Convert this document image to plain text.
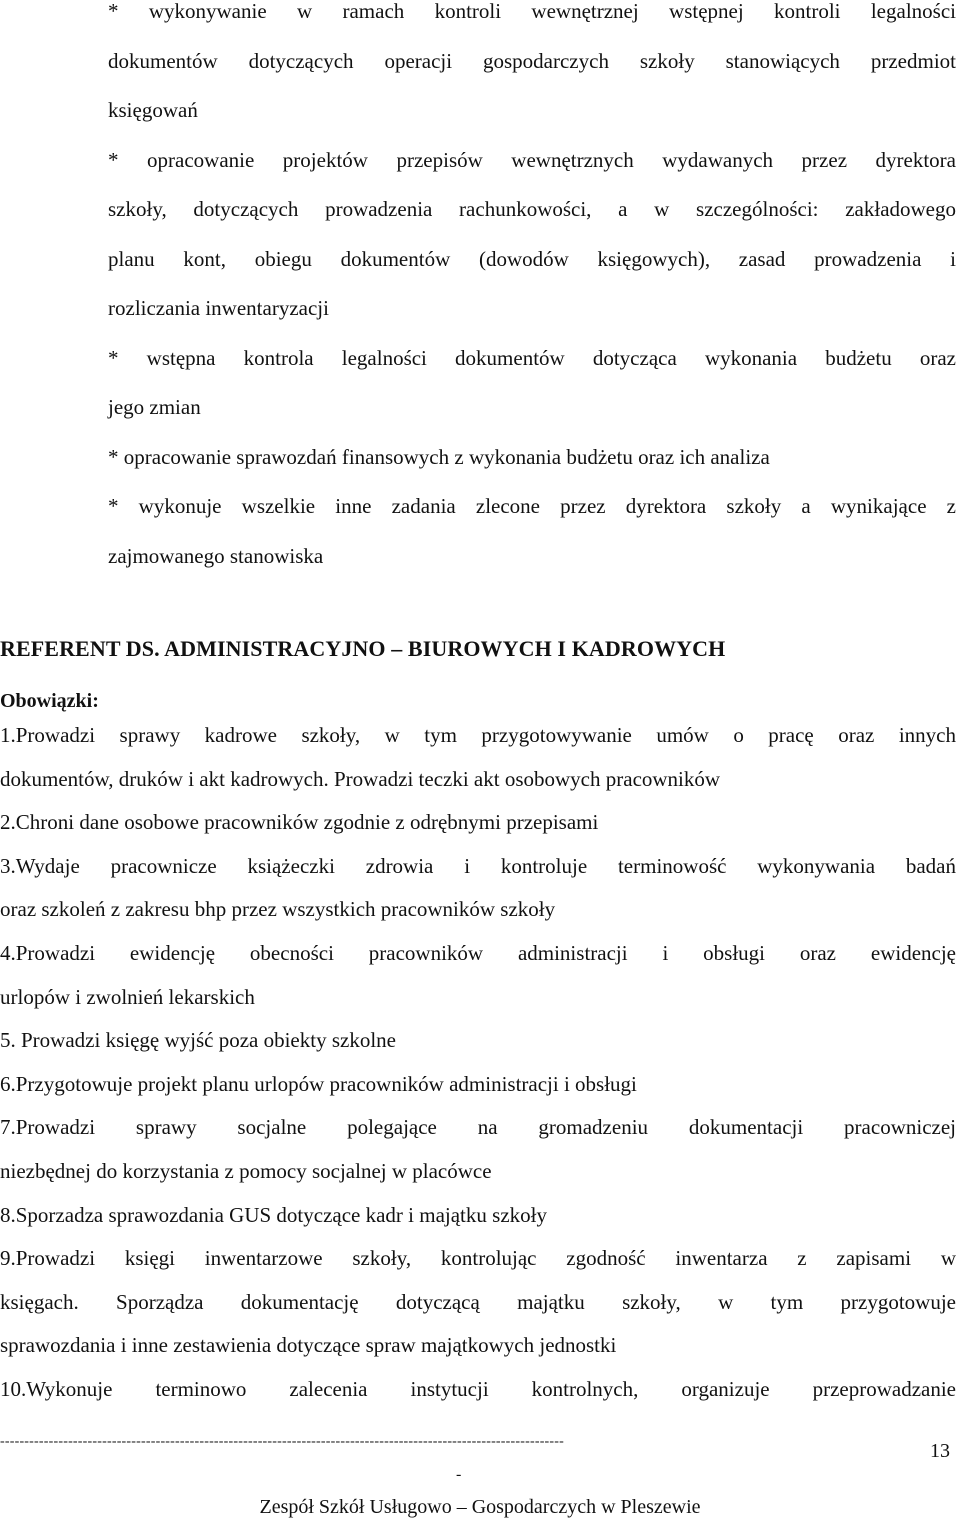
* wykonywanie w ramach kontroli wewnętrznej wstępnej kontroli legalności
dokumentów dotyczących operacji gospodarczych szkoły stanowiących przedmiot
księgowań
* opracowanie projektów przepisów wewnętrznych wydawanych przez dyrektora
szkoły, dotyczących prowadzenia rachunkowości, a w szczególności: zakładowego
planu kont, obiegu dokumentów (dowodów księgowych), zasad prowadzenia i
rozliczania inwentaryzacji
* wstępna kontrola legalności dokumentów dotycząca wykonania budżetu oraz
jego zmian
* opracowanie sprawozdań finansowych z wykonania budżetu oraz ich analiza
* wykonuje wszelkie inne zadania zlecone przez dyrektora szkoły a wynikające z
zajmowanego stanowiska
REFERENT DS. ADMINISTRACYJNO – BIUROWYCH I KADROWYCH
Obowiązki:
1.Prowadzi sprawy kadrowe szkoły, w tym przygotowywanie umów o pracę oraz innych
dokumentów, druków i akt kadrowych. Prowadzi teczki akt osobowych pracowników
2.Chroni dane osobowe pracowników zgodnie z odrębnymi przepisami
3.Wydaje pracownicze książeczki zdrowia i kontroluje terminowość wykonywania badań
oraz szkoleń z zakresu bhp przez wszystkich pracowników szkoły
4.Prowadzi ewidencję obecności pracowników administracji i obsługi oraz ewidencję
urlopów i zwolnień lekarskich
5. Prowadzi księgę wyjść poza obiekty szkolne
6.Przygotowuje projekt planu urlopów pracowników administracji i obsługi
7.Prowadzi sprawy socjalne polegające na gromadzeniu dokumentacji pracowniczej
niezbędnej do korzystania z pomocy socjalnej w placówce
8.Sporzadza sprawozdania GUS dotyczące kadr i majątku szkoły
9.Prowadzi księgi inwentarzowe szkoły, kontrolując zgodność inwentarza z zapisami w
księgach. Sporządza dokumentację dotyczącą majątku szkoły, w tym przygotowuje
sprawozdania i inne zestawienia dotyczące spraw majątkowych jednostki
10.Wykonuje terminowo zalecenia instytucji kontrolnych, organizuje przeprowadzanie
--------------------------------------------------------------------------------------------------------------------
-
13
Zespół Szkół Usługowo – Gospodarczych w Pleszewie
